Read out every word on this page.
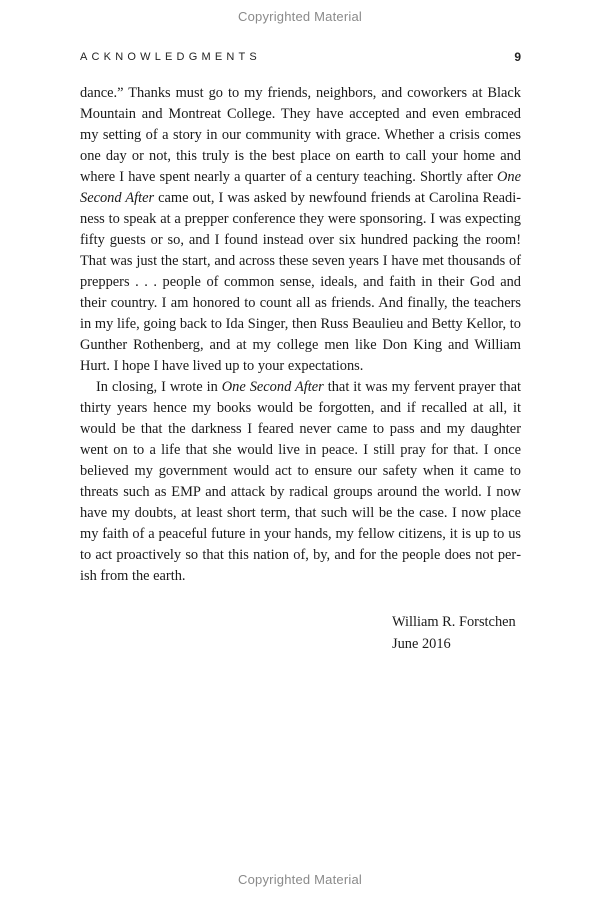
Copyrighted Material
ACKNOWLEDGMENTS	9

dance.” Thanks must go to my friends, neighbors, and coworkers at Black Mountain and Montreat College. They have accepted and even embraced my setting of a story in our community with grace. Whether a crisis comes one day or not, this truly is the best place on earth to call your home and where I have spent nearly a quarter of a century teaching. Shortly after One Second After came out, I was asked by newfound friends at Carolina Readiness to speak at a prepper conference they were sponsoring. I was expecting fifty guests or so, and I found instead over six hundred packing the room! That was just the start, and across these seven years I have met thousands of preppers . . . people of common sense, ideals, and faith in their God and their country. I am honored to count all as friends. And finally, the teachers in my life, going back to Ida Singer, then Russ Beaulieu and Betty Kellor, to Gunther Rothenberg, and at my college men like Don King and William Hurt. I hope I have lived up to your expectations.

In closing, I wrote in One Second After that it was my fervent prayer that thirty years hence my books would be forgotten, and if recalled at all, it would be that the darkness I feared never came to pass and my daughter went on to a life that she would live in peace. I still pray for that. I once believed my government would act to ensure our safety when it came to threats such as EMP and attack by radical groups around the world. I now have my doubts, at least short term, that such will be the case. I now place my faith of a peaceful future in your hands, my fellow citizens, it is up to us to act proactively so that this nation of, by, and for the people does not perish from the earth.

William R. Forstchen
June 2016
Copyrighted Material
